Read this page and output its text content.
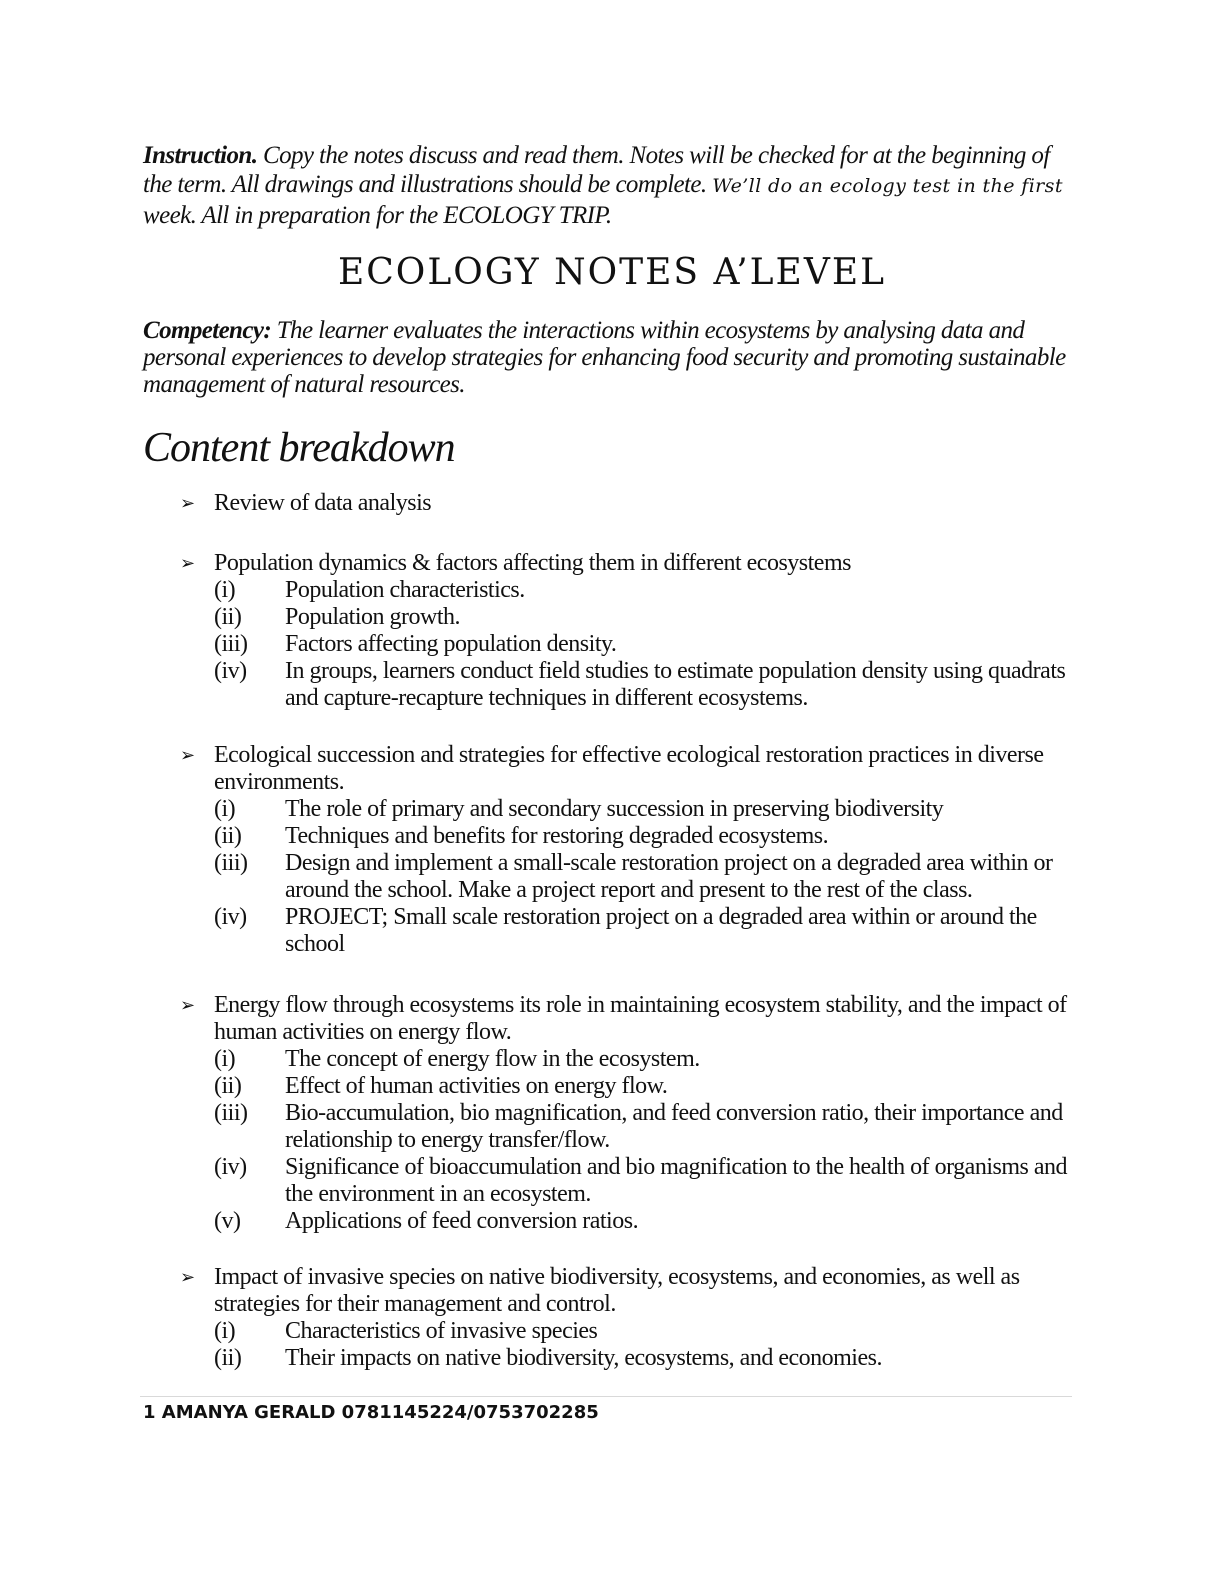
Instruction. Copy the notes discuss and read them. Notes will be checked for at the beginning of the term. All drawings and illustrations should be complete. We’ll do an ecology test in the first week. All in preparation for the ECOLOGY TRIP.
ECOLOGY NOTES A’LEVEL
Competency: The learner evaluates the interactions within ecosystems by analysing data and personal experiences to develop strategies for enhancing food security and promoting sustainable management of natural resources.
Content breakdown
➢ Review of data analysis
➢ Population dynamics & factors affecting them in different ecosystems
(i) Population characteristics.
(ii) Population growth.
(iii) Factors affecting population density.
(iv) In groups, learners conduct field studies to estimate population density using quadrats and capture-recapture techniques in different ecosystems.
➢ Ecological succession and strategies for effective ecological restoration practices in diverse environments.
(i) The role of primary and secondary succession in preserving biodiversity
(ii) Techniques and benefits for restoring degraded ecosystems.
(iii) Design and implement a small-scale restoration project on a degraded area within or around the school. Make a project report and present to the rest of the class.
(iv) PROJECT; Small scale restoration project on a degraded area within or around the school
➢ Energy flow through ecosystems its role in maintaining ecosystem stability, and the impact of human activities on energy flow.
(i) The concept of energy flow in the ecosystem.
(ii) Effect of human activities on energy flow.
(iii) Bio-accumulation, bio magnification, and feed conversion ratio, their importance and relationship to energy transfer/flow.
(iv) Significance of bioaccumulation and bio magnification to the health of organisms and the environment in an ecosystem.
(v) Applications of feed conversion ratios.
➢ Impact of invasive species on native biodiversity, ecosystems, and economies, as well as strategies for their management and control.
(i) Characteristics of invasive species
(ii) Their impacts on native biodiversity, ecosystems, and economies.
1 AMANYA GERALD 0781145224/0753702285
